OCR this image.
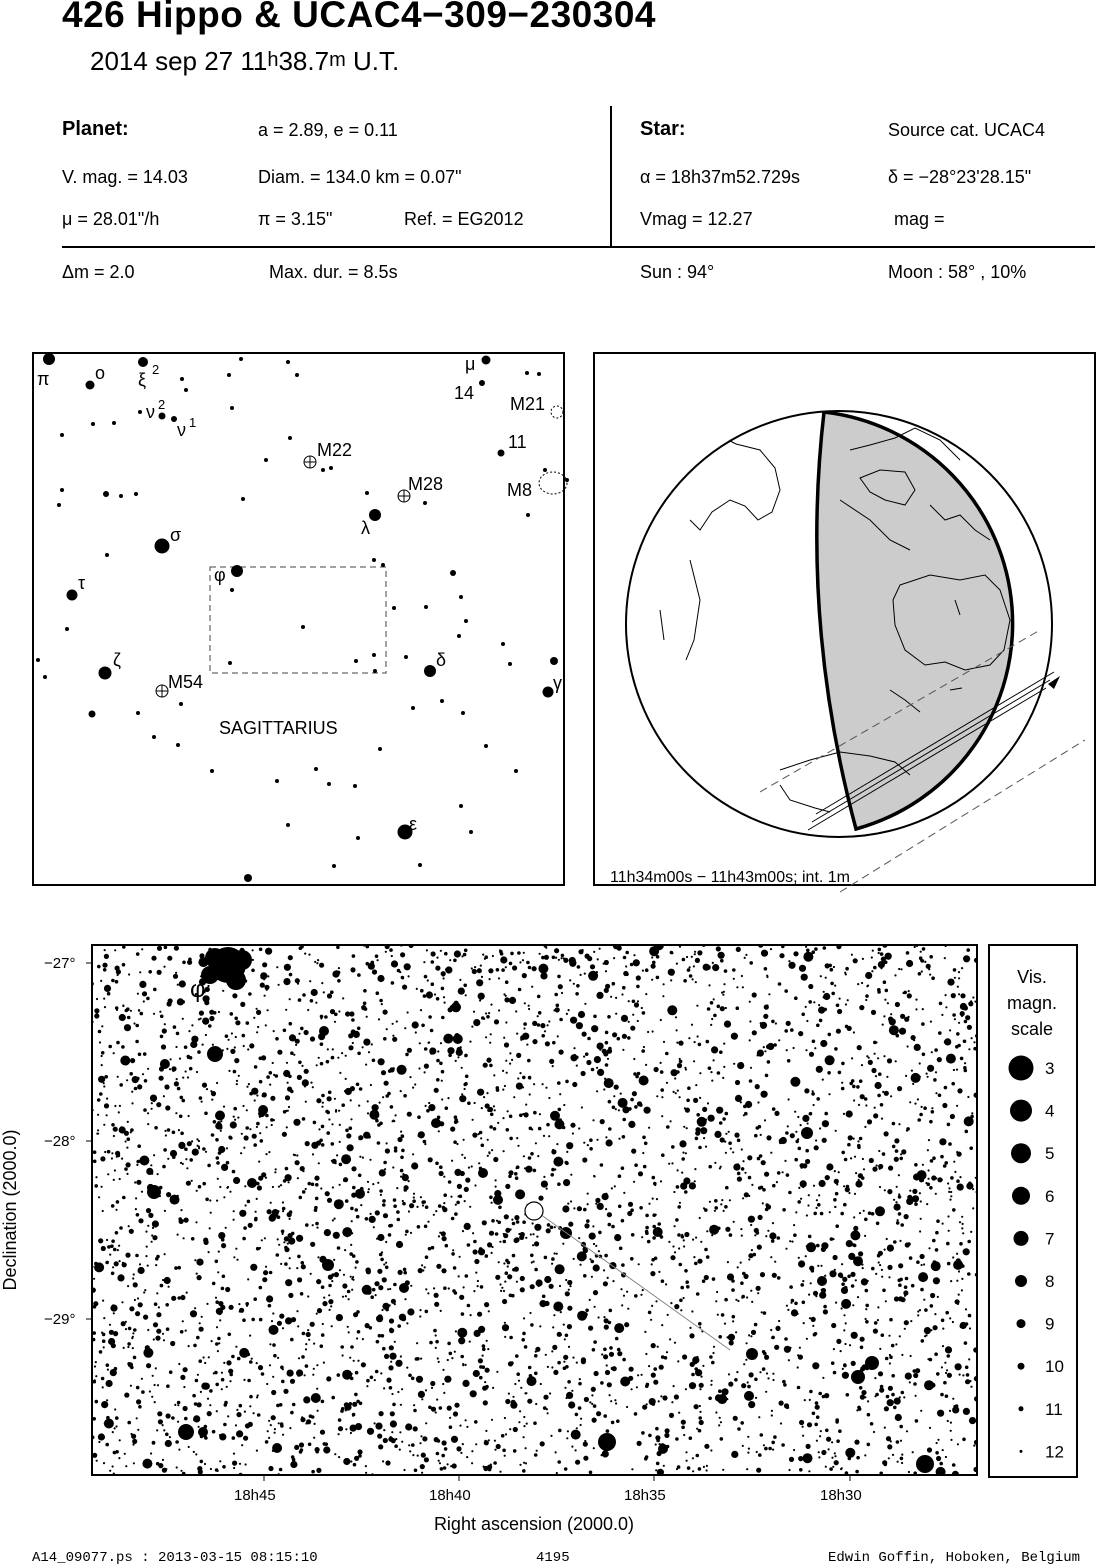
426 Hippo & UCAC4−309−230304
2014 sep 27 11$^h$38.7$^m$ U.T.
Planet:	a = 2.89, e = 0.11
V. mag. = 14.03	Diam. = 134.0 km = 0.07"
μ = 28.01"/h	π = 3.15"	Ref. = EG2012
Star:	Source cat. UCAC4
α = 18h37m52.729s	δ = −28°23'28.15"
Vmag = 12.27	mag =
Δm = 2.0	Max. dur. = 8.5s	Sun : 94°	Moon : 58° , 10%
π	ο ξ
2
ν 2
ν 1
μ
14
M21
11
M22
M28	M8
λ
σ
φ
τ
ζ	δ
γ
M54
ε
SAGITTARIUS
11h34m00s − 11h43m00s; int. 1m
φ
−27°
−28°
−29°
18h45	18h40	18h35	18h30
Right ascension (2000.0)
Declination (2000.0)
Vis.
magn.
scale
3
4
5
6
7
8
9
10
11
12
A14_09077.ps : 2013-03-15 08:15:10	4195	Edwin Goffin, Hoboken, Belgium
